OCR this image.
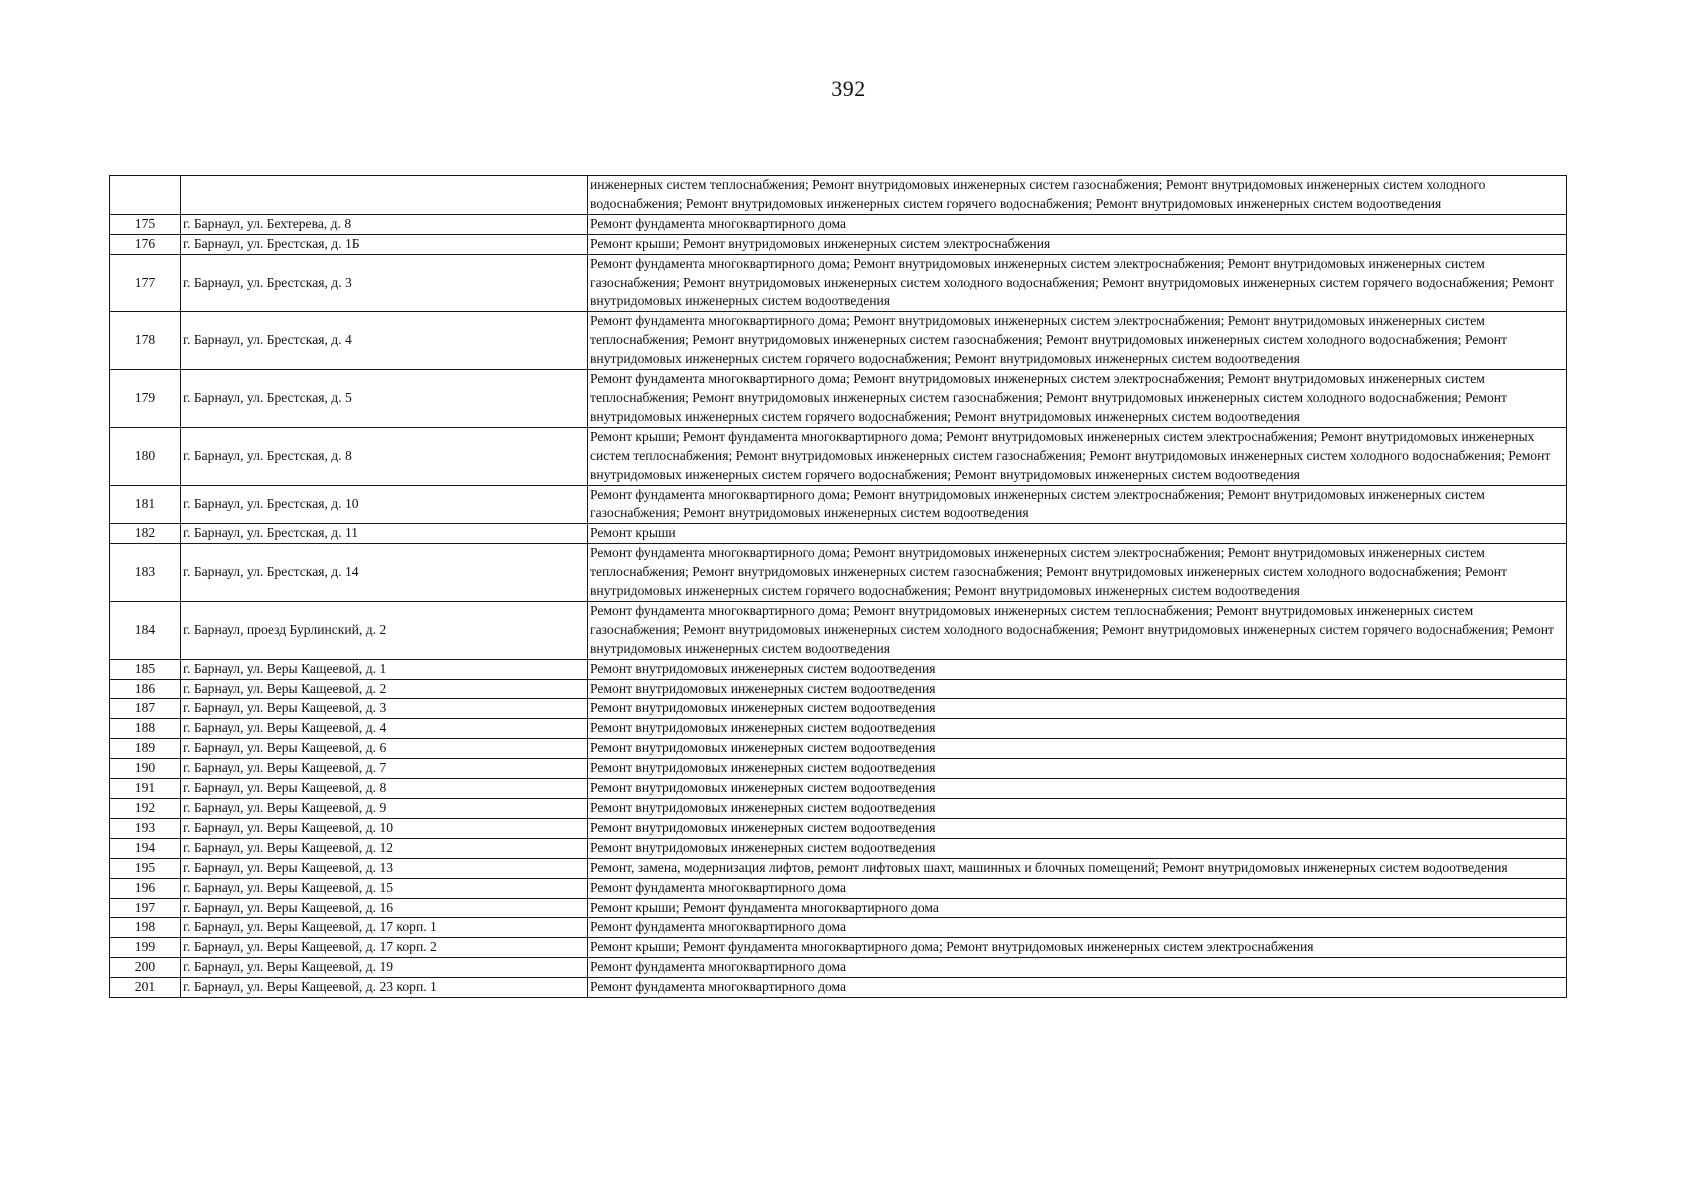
392
		инженерных систем теплоснабжения; Ремонт внутридомовых инженерных систем газоснабжения; Ремонт внутридомовых инженерных систем холодного водоснабжения; Ремонт внутридомовых инженерных систем горячего водоснабжения; Ремонт внутридомовых инженерных систем водоотведения
175	г. Барнаул, ул. Бехтерева, д. 8	Ремонт фундамента многоквартирного дома
176	г. Барнаул, ул. Брестская, д. 1Б	Ремонт крыши; Ремонт внутридомовых инженерных систем электроснабжения
177	г. Барнаул, ул. Брестская, д. 3	Ремонт фундамента многоквартирного дома; Ремонт внутридомовых инженерных систем электроснабжения; Ремонт внутридомовых инженерных систем газоснабжения; Ремонт внутридомовых инженерных систем холодного водоснабжения; Ремонт внутридомовых инженерных систем горячего водоснабжения; Ремонт внутридомовых инженерных систем водоотведения
178	г. Барнаул, ул. Брестская, д. 4	Ремонт фундамента многоквартирного дома; Ремонт внутридомовых инженерных систем электроснабжения; Ремонт внутридомовых инженерных систем теплоснабжения; Ремонт внутридомовых инженерных систем газоснабжения; Ремонт внутридомовых инженерных систем холодного водоснабжения; Ремонт внутридомовых инженерных систем горячего водоснабжения; Ремонт внутридомовых инженерных систем водоотведения
179	г. Барнаул, ул. Брестская, д. 5	Ремонт фундамента многоквартирного дома; Ремонт внутридомовых инженерных систем электроснабжения; Ремонт внутридомовых инженерных систем теплоснабжения; Ремонт внутридомовых инженерных систем газоснабжения; Ремонт внутридомовых инженерных систем холодного водоснабжения; Ремонт внутридомовых инженерных систем горячего водоснабжения; Ремонт внутридомовых инженерных систем водоотведения
180	г. Барнаул, ул. Брестская, д. 8	Ремонт крыши; Ремонт фундамента многоквартирного дома; Ремонт внутридомовых инженерных систем электроснабжения; Ремонт внутридомовых инженерных систем теплоснабжения; Ремонт внутридомовых инженерных систем газоснабжения; Ремонт внутридомовых инженерных систем холодного водоснабжения; Ремонт внутридомовых инженерных систем горячего водоснабжения; Ремонт внутридомовых инженерных систем водоотведения
181	г. Барнаул, ул. Брестская, д. 10	Ремонт фундамента многоквартирного дома; Ремонт внутридомовых инженерных систем электроснабжения; Ремонт внутридомовых инженерных систем газоснабжения; Ремонт внутридомовых инженерных систем водоотведения
182	г. Барнаул, ул. Брестская, д. 11	Ремонт крыши
183	г. Барнаул, ул. Брестская, д. 14	Ремонт фундамента многоквартирного дома; Ремонт внутридомовых инженерных систем электроснабжения; Ремонт внутридомовых инженерных систем теплоснабжения; Ремонт внутридомовых инженерных систем газоснабжения; Ремонт внутридомовых инженерных систем холодного водоснабжения; Ремонт внутридомовых инженерных систем горячего водоснабжения; Ремонт внутридомовых инженерных систем водоотведения
184	г. Барнаул, проезд Бурлинский, д. 2	Ремонт фундамента многоквартирного дома; Ремонт внутридомовых инженерных систем теплоснабжения; Ремонт внутридомовых инженерных систем газоснабжения; Ремонт внутридомовых инженерных систем холодного водоснабжения; Ремонт внутридомовых инженерных систем горячего водоснабжения; Ремонт внутридомовых инженерных систем водоотведения
185	г. Барнаул, ул. Веры Кащеевой, д. 1	Ремонт внутридомовых инженерных систем водоотведения
186	г. Барнаул, ул. Веры Кащеевой, д. 2	Ремонт внутридомовых инженерных систем водоотведения
187	г. Барнаул, ул. Веры Кащеевой, д. 3	Ремонт внутридомовых инженерных систем водоотведения
188	г. Барнаул, ул. Веры Кащеевой, д. 4	Ремонт внутридомовых инженерных систем водоотведения
189	г. Барнаул, ул. Веры Кащеевой, д. 6	Ремонт внутридомовых инженерных систем водоотведения
190	г. Барнаул, ул. Веры Кащеевой, д. 7	Ремонт внутридомовых инженерных систем водоотведения
191	г. Барнаул, ул. Веры Кащеевой, д. 8	Ремонт внутридомовых инженерных систем водоотведения
192	г. Барнаул, ул. Веры Кащеевой, д. 9	Ремонт внутридомовых инженерных систем водоотведения
193	г. Барнаул, ул. Веры Кащеевой, д. 10	Ремонт внутридомовых инженерных систем водоотведения
194	г. Барнаул, ул. Веры Кащеевой, д. 12	Ремонт внутридомовых инженерных систем водоотведения
195	г. Барнаул, ул. Веры Кащеевой, д. 13	Ремонт, замена, модернизация лифтов, ремонт лифтовых шахт, машинных и блочных помещений; Ремонт внутридомовых инженерных систем водоотведения
196	г. Барнаул, ул. Веры Кащеевой, д. 15	Ремонт фундамента многоквартирного дома
197	г. Барнаул, ул. Веры Кащеевой, д. 16	Ремонт крыши; Ремонт фундамента многоквартирного дома
198	г. Барнаул, ул. Веры Кащеевой, д. 17 корп. 1	Ремонт фундамента многоквартирного дома
199	г. Барнаул, ул. Веры Кащеевой, д. 17 корп. 2	Ремонт крыши; Ремонт фундамента многоквартирного дома; Ремонт внутридомовых инженерных систем электроснабжения
200	г. Барнаул, ул. Веры Кащеевой, д. 19	Ремонт фундамента многоквартирного дома
201	г. Барнаул, ул. Веры Кащеевой, д. 23 корп. 1	Ремонт фундамента многоквартирного дома
